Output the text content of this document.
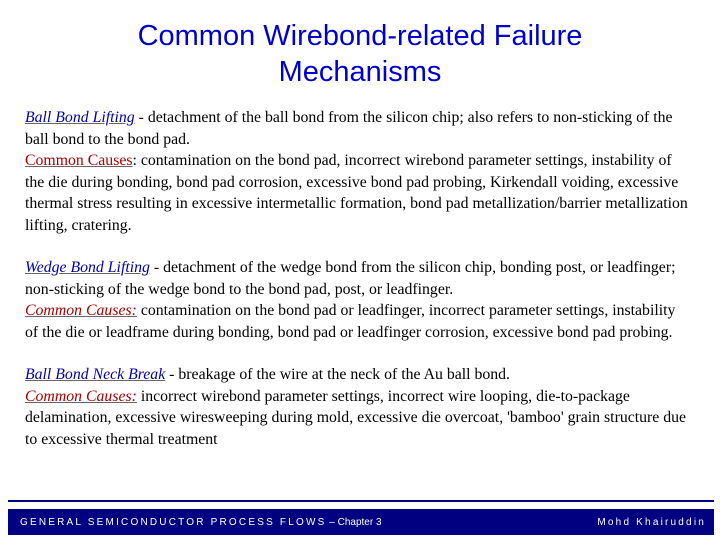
Common Wirebond-related Failure
Mechanisms
Ball Bond Lifting - detachment of the ball bond from the silicon chip; also refers to non-sticking of the ball bond to the bond pad.
Common Causes: contamination on the bond pad, incorrect wirebond parameter settings, instability of the die during bonding, bond pad corrosion, excessive bond pad probing, Kirkendall voiding, excessive thermal stress resulting in excessive intermetallic formation, bond pad metallization/barrier metallization lifting, cratering.
Wedge Bond Lifting - detachment of the wedge bond from the silicon chip, bonding post, or leadfinger; non-sticking of the wedge bond to the bond pad, post, or leadfinger.
Common Causes: contamination on the bond pad or leadfinger, incorrect parameter settings, instability of the die or leadframe during bonding, bond pad or leadfinger corrosion, excessive bond pad probing.
Ball Bond Neck Break - breakage of the wire at the neck of the Au ball bond.
Common Causes: incorrect wirebond parameter settings, incorrect wire looping, die-to-package delamination, excessive wiresweeping during mold, excessive die overcoat, 'bamboo' grain structure due to excessive thermal treatment
GENERAL SEMICONDUCTOR PROCESS FLOWS – Chapter 3	Mohd Khairuddin
